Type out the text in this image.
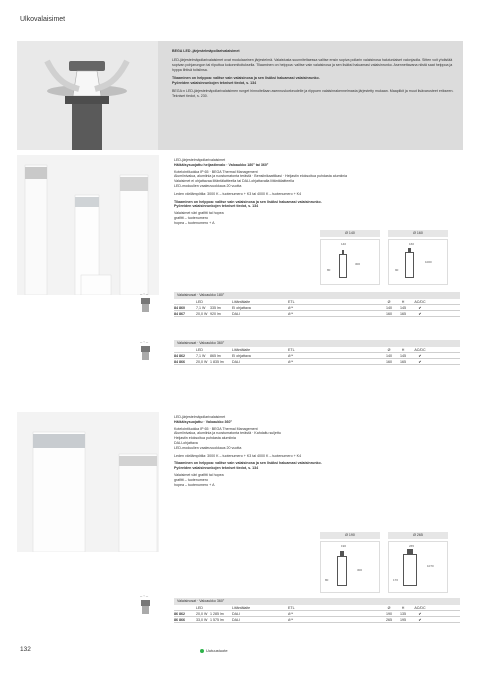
Ulkovalaisimet
BEGA LED -järjestelmäpollarivalaisimet

LED-järjestelmäpollarivalaisimet ovat modulaarinen järjestelmä. Valaistusta suunniteltaessa valitse ensin sopiva pollarin valaisinosa halutunlaiset valonjaolla. Sitten voit yhdistää sopivan pohjarungon tai riiputtua kokonmitoituksella. Tilaaminen on helppoa: valitse vain valaisinosa ja sen lisäksi haluamasi valaisinrunko. Asennettavana niistä saat helppoa ja hyppa lihtisä toiisiinsa.

Tilaaminen on helppoa: valitse vain valaisinosa ja sen lisäksi haluamasi valaisinrunko.
Pyöreiden valaisinrunkojen tekniset tiedot, s. 134

BEGA:n LED-järjestelmäpollarivalaisimen runget hinnoitellaan asennuskorkeudelle ja riippuen valaisinrakennelmasta järjestetty mukaan. Maapiikit ja muut lisävarusteet erikseen. Tekniset tiedot, s. 230.

LED-järjestelmäpollarivalaisimet

Häikäisysuojattu heijastinvalo · Valoaukko 180° tai 360°

Kotelointiluokka IP 65 · BEGA Thermal Management

Alumiinivalua, alumiinia ja ruostumatonta terästä · Bensiinikaattikasi · Heijastin eloksoitua puhdasta alumiinia

Valaisimet ei ohjattavaa ilitäntälaitteella tai DALI-ohjattavalla liitäntälaitteella

LED-moduulien vaaleuvuokkaus 20 vuotta

Leden värilämpötila: 3000 K – tuotenumero + K3 tai 4000 K – tuotenumero + K4

Tilaaminen on helppoa: valitse vain valaisinosa ja sen lisäksi haluamasi valaisinrunko.

Pyöreiden valaisinrunkojen tekniset tiedot, s. 134

Valaisimet väri grafitti tai hopea

grafitti – tuotenumero

hopea – tuotenumero + A

Ø 140	Ø 160
140
300
80
160
1000
90
– ◦ –	Valaisinosat · Valoaukko 180°
LED	Liitäntälaite	ETL	Ø	H	AC/DC
84 860	7,1 W	335 lm	Ei ohjattava	A**	140	145	✔
84 867	20,0 W 920 lm	DALI	A**	160	165	✔
– ◦ –	Valaisinosat · Valoaukko 360°
LED	Liitäntälaite	ETL	Ø	H	AC/DC
84 862	7,1 W	865 lm	Ei ohjattava	A**	140	145	✔
84 866	20,0 W 1 835 lm	DALI	A**	160	165	✔

LED-järjestelmäpollarivalaisimet

Häikäisysuojattu · Valoaukko 360°

Kotelointiluokka IP 65 · BEGA Thermal Management

Alumiinivalua, alumiinia ja ruostumatonta terästä · Kahdaltu suljettu

Heijastin eloksoitua puhdasta alumiinia

DALI-ohjattava

LED-moduulien vaaleuvuokkaus 20 vuotta

Leden värilämpötila: 3000 K – tuotenumero + K3 tai 4000 K – tuotenumero + K4

Tilaaminen on helppoa: valitse vain valaisinosa ja sen lisäksi haluamasi valaisinrunko.

Pyöreiden valaisinrunkojen tekniset tiedot, s. 134

Valaisimet väri grafitti tai hopea

grafitti – tuotenumero

hopea – tuotenumero + A

Ø 190	Ø 265
190
300
80
265
1070
170
– ◦ –
Valaisinosat · Valoaukko 360°
LED	Liitäntälaite	ETL	Ø	H	AC/DC
86 862	20,0 W 1 285 lm	DALI	A**	190	135	✔
86 866	33,0 W 1 575 lm	DALI	A**	265	195	✔
132	Uutuustuote
